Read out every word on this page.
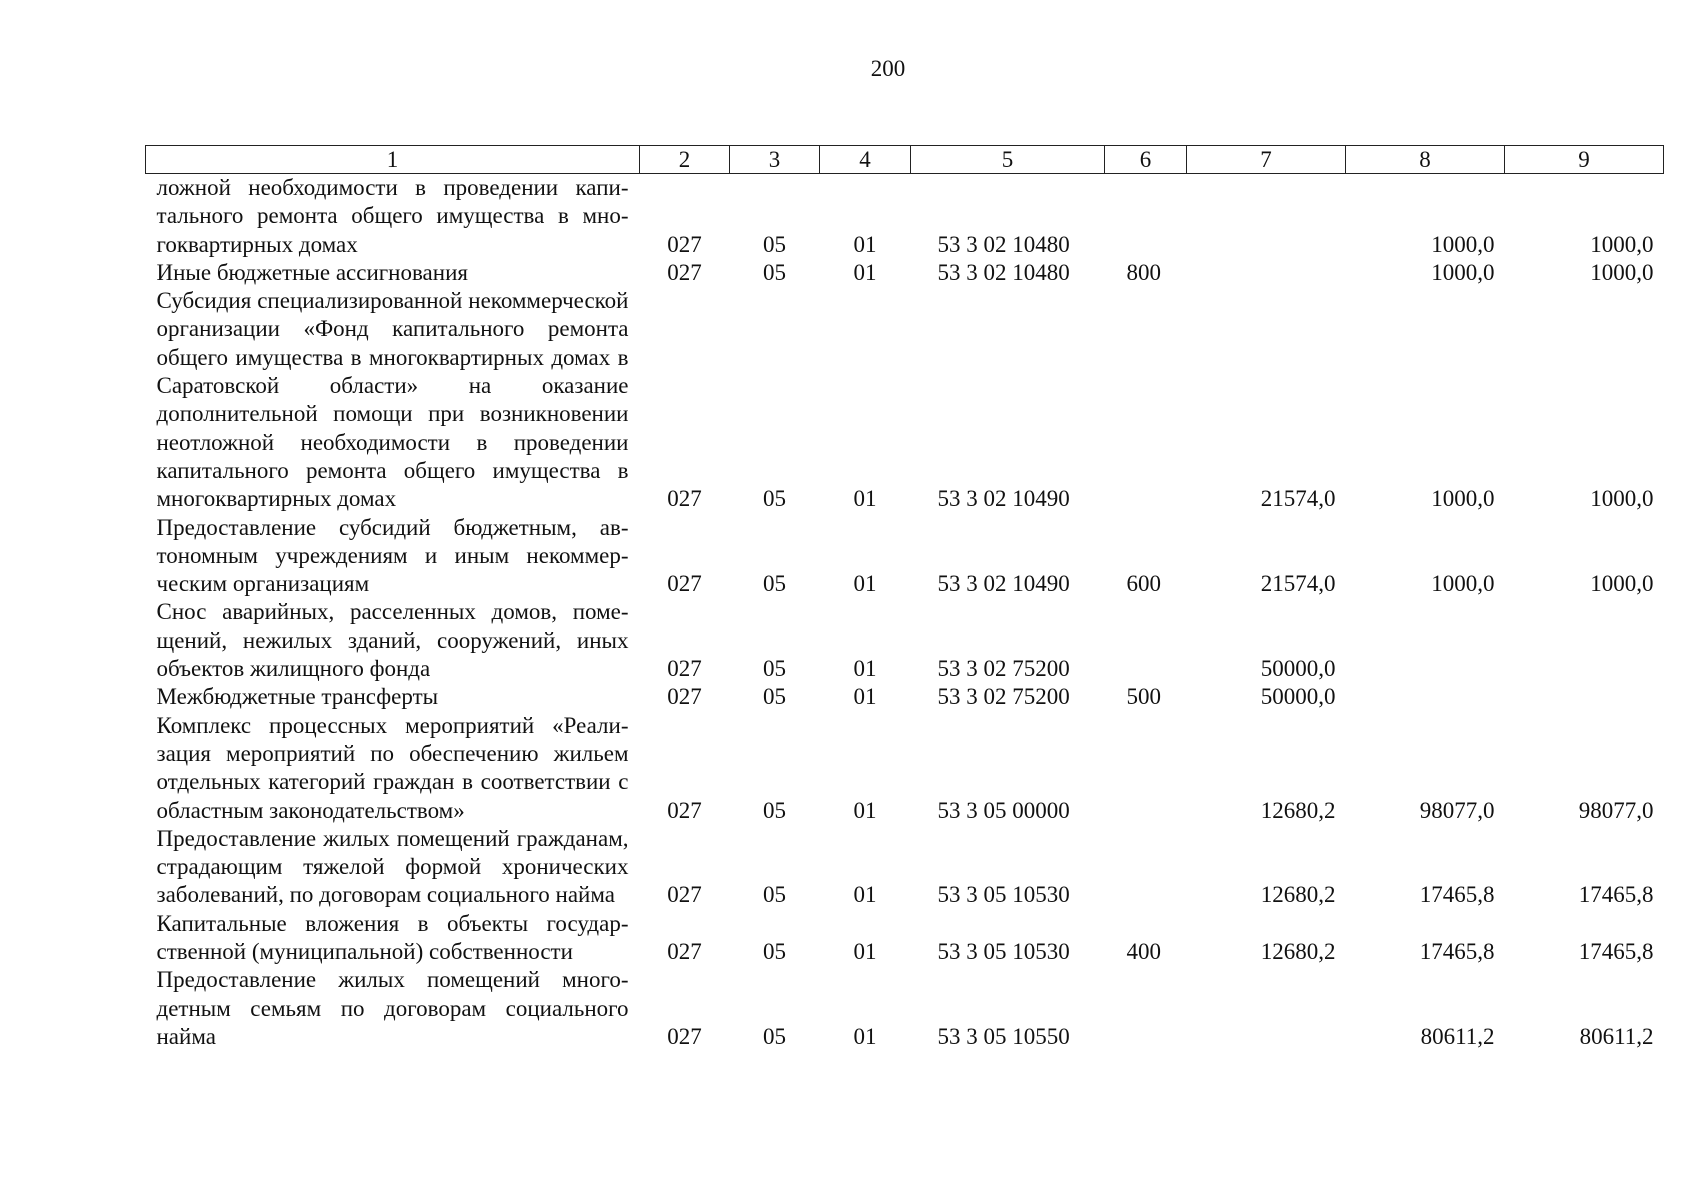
200
1	2	3	4	5	6	7	8	9
ложной необходимости в проведении капитального ремонта общего имущества в многоквартирных домах	027	05	01	53 3 02 10480			1000,0	1000,0
Иные бюджетные ассигнования	027	05	01	53 3 02 10480	800		1000,0	1000,0
Субсидия специализированной некоммерческой организации «Фонд капитального ремонта общего имущества в многоквартирных домах в Саратовской области» на оказание дополнительной помощи при возникновении неотложной необходимости в проведении капитального ремонта общего имущества в многоквартирных домах	027	05	01	53 3 02 10490		21574,0	1000,0	1000,0
Предоставление субсидий бюджетным, автономным учреждениям и иным некоммерческим организациям	027	05	01	53 3 02 10490	600	21574,0	1000,0	1000,0
Снос аварийных, расселенных домов, помещений, нежилых зданий, сооружений, иных объектов жилищного фонда	027	05	01	53 3 02 75200		50000,0		
Межбюджетные трансферты	027	05	01	53 3 02 75200	500	50000,0		
Комплекс процессных мероприятий «Реализация мероприятий по обеспечению жильем отдельных категорий граждан в соответствии с областным законодательством»	027	05	01	53 3 05 00000		12680,2	98077,0	98077,0
Предоставление жилых помещений гражданам, страдающим тяжелой формой хронических заболеваний, по договорам социального найма	027	05	01	53 3 05 10530		12680,2	17465,8	17465,8
Капитальные вложения в объекты государственной (муниципальной) собственности	027	05	01	53 3 05 10530	400	12680,2	17465,8	17465,8
Предоставление жилых помещений многодетным семьям по договорам социального найма	027	05	01	53 3 05 10550			80611,2	80611,2
